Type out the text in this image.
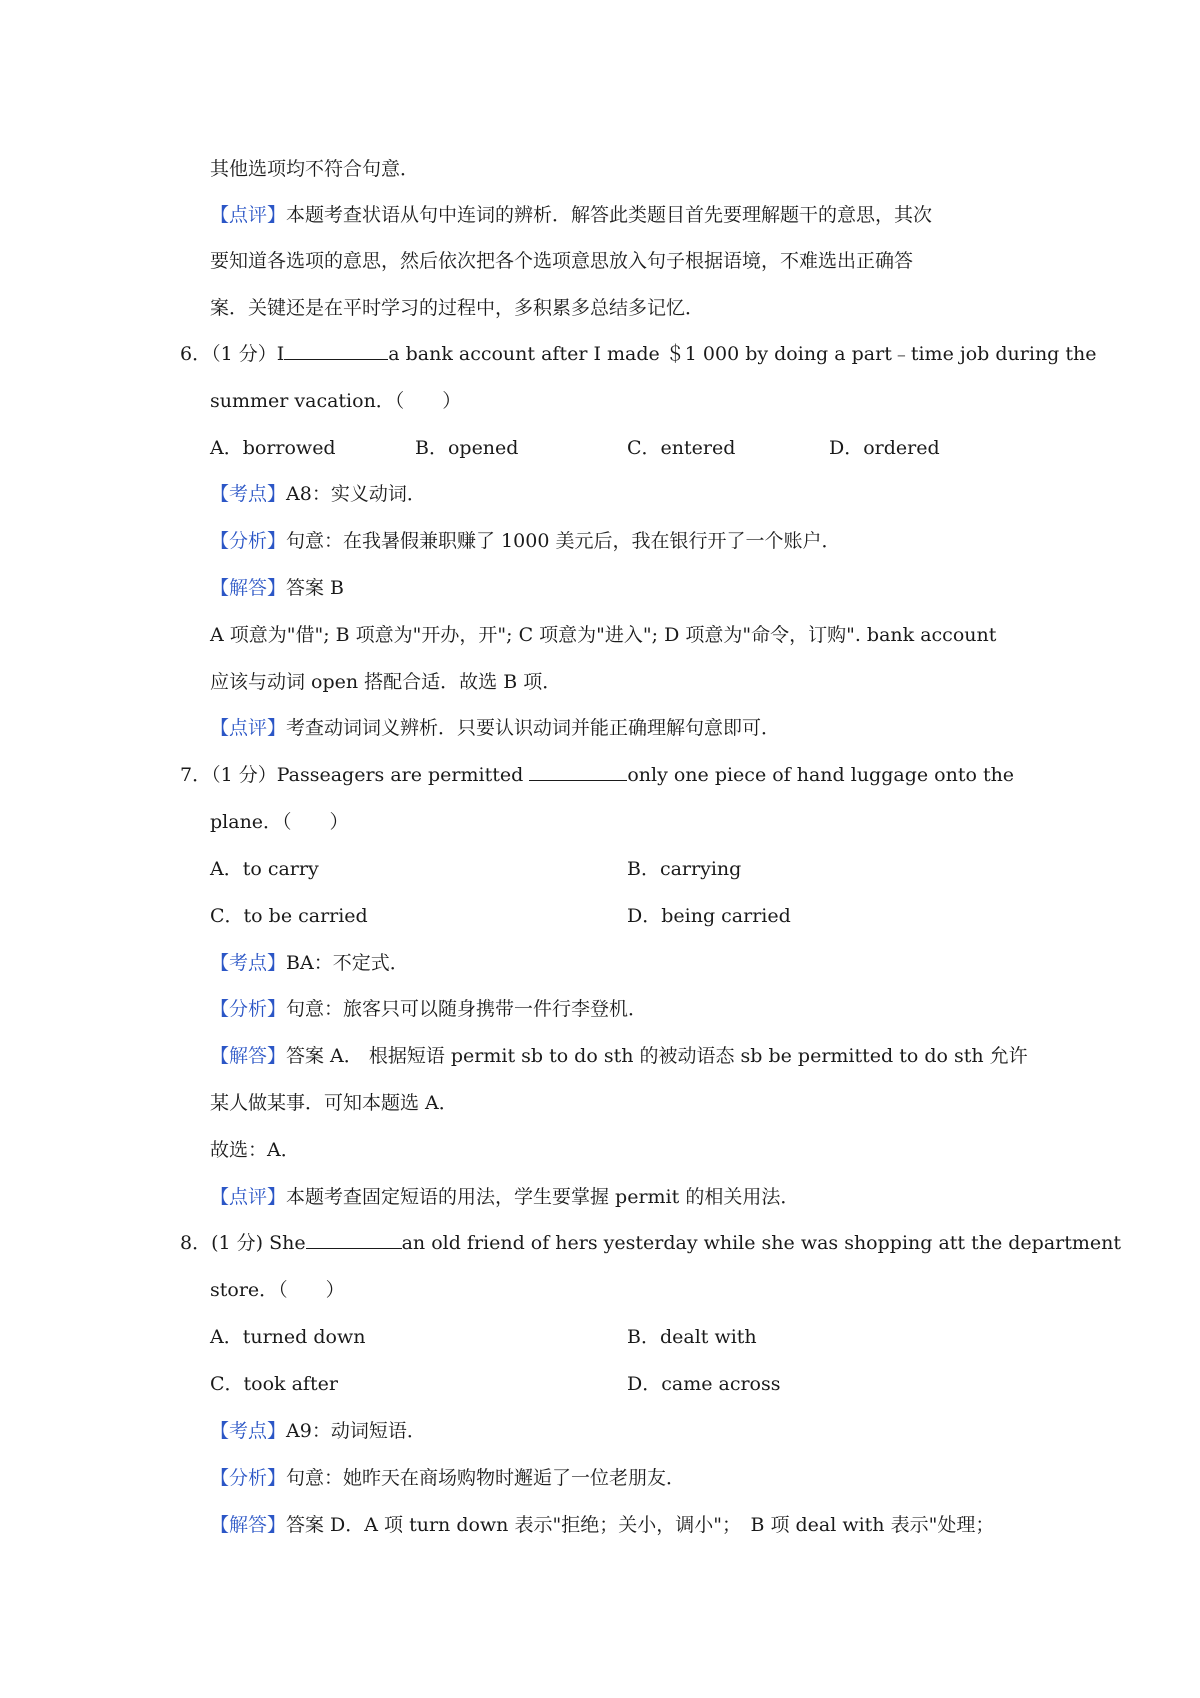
其他选项均不符合句意．
【点评】本题考查状语从句中连词的辨析．解答此类题目首先要理解题干的意思，其次
要知道各选项的意思，然后依次把各个选项意思放入句子根据语境，不难选出正确答
案．关键还是在平时学习的过程中，多积累多总结多记忆．
6．（1 分）I	a bank account after I made ＄1 000 by doing a part﹣time job during the
summer vacation．（　　）
A．borrowed	B．opened	C．entered	D．ordered
【考点】A8：实义动词．
【分析】句意：在我暑假兼职赚了 1000 美元后，我在银行开了一个账户．
【解答】答案 B
A 项意为"借"; B 项意为"开办，开"; C 项意为"进入"; D 项意为"命令，订购". bank account
应该与动词 open 搭配合适．故选 B 项．
【点评】考查动词词义辨析．只要认识动词并能正确理解句意即可．
7．（1 分）Passeagers are permitted	only one piece of hand luggage onto the
plane．（　　）
A．to carry	B．carrying
C．to be carried	D．being carried
【考点】BA：不定式．
【分析】句意：旅客只可以随身携带一件行李登机．
【解答】答案 A． 根据短语 permit sb to do sth 的被动语态 sb be permitted to do sth 允许
某人做某事．可知本题选 A．
故选：A．
【点评】本题考查固定短语的用法，学生要掌握 permit 的相关用法．
8．(1 分) She	an old friend of hers yesterday while she was shopping att the department
store．（　　）
A．turned down	B．dealt with
C．took after	D．came across
【考点】A9：动词短语．
【分析】句意：她昨天在商场购物时邂逅了一位老朋友．
【解答】答案 D．A 项 turn down 表示"拒绝；关小，调小"；　B 项 deal with 表示"处理；
